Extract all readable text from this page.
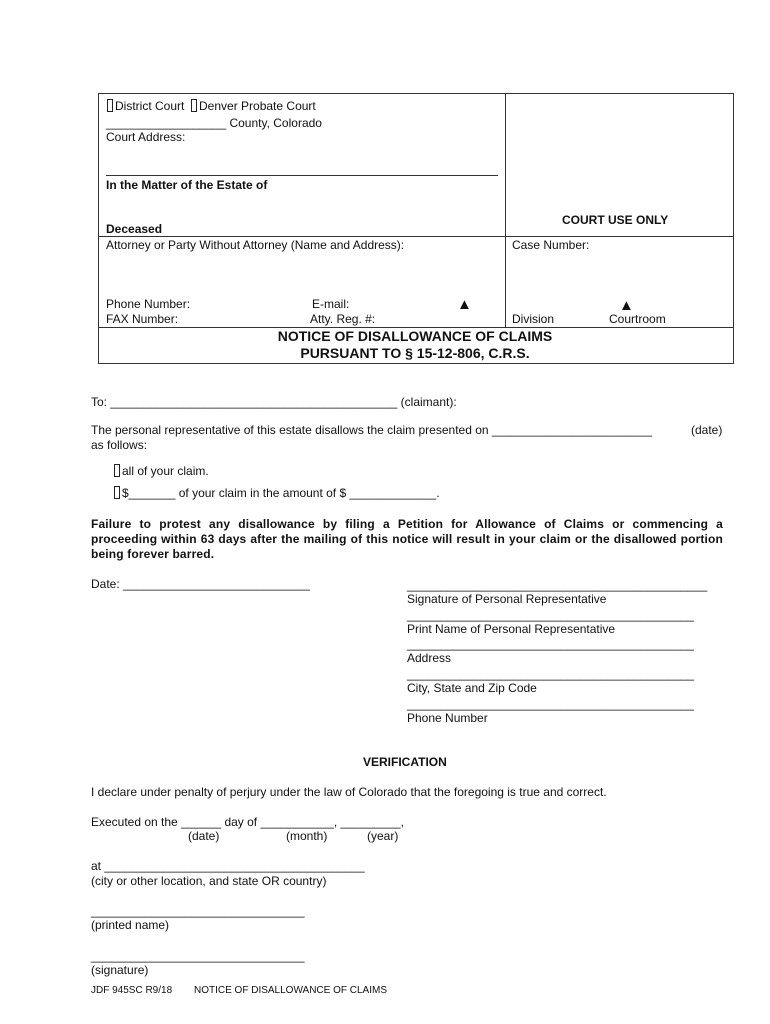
District Court Denver Probate Court
__________________ County, Colorado
Court Address:
In the Matter of the Estate of
Deceased
COURT USE ONLY
Attorney or Party Without Attorney (Name and Address):	Case Number:
Phone Number:	E-mail:
FAX Number:	Atty. Reg. #:
▲
Division
▲
Courtroom
NOTICE OF DISALLOWANCE OF CLAIMS
PURSUANT TO § 15-12-806, C.R.S.
To: ___________________________________________ (claimant):
The personal representative of this estate disallows the claim presented on ________________________	(date)
as follows:
all of your claim.
$_______ of your claim in the amount of $ _____________.
Failure to protest any disallowance by filing a Petition for Allowance of Claims or commencing a proceeding within 63 days after the mailing of this notice will result in your claim or the disallowed portion being forever barred.
Date: ____________________________	_____________________________________________
Signature of Personal Representative
___________________________________________
Print Name of Personal Representative
___________________________________________
Address
___________________________________________
City, State and Zip Code
___________________________________________
Phone Number
VERIFICATION
I declare under penalty of perjury under the law of Colorado that the foregoing is true and correct.
Executed on the ______ day of ___________, _________,
(date)	(month)	(year)
at _______________________________________
(city or other location, and state OR country)
________________________________
(printed name)
________________________________
(signature)
JDF 945SC R9/18 NOTICE OF DISALLOWANCE OF CLAIMS
